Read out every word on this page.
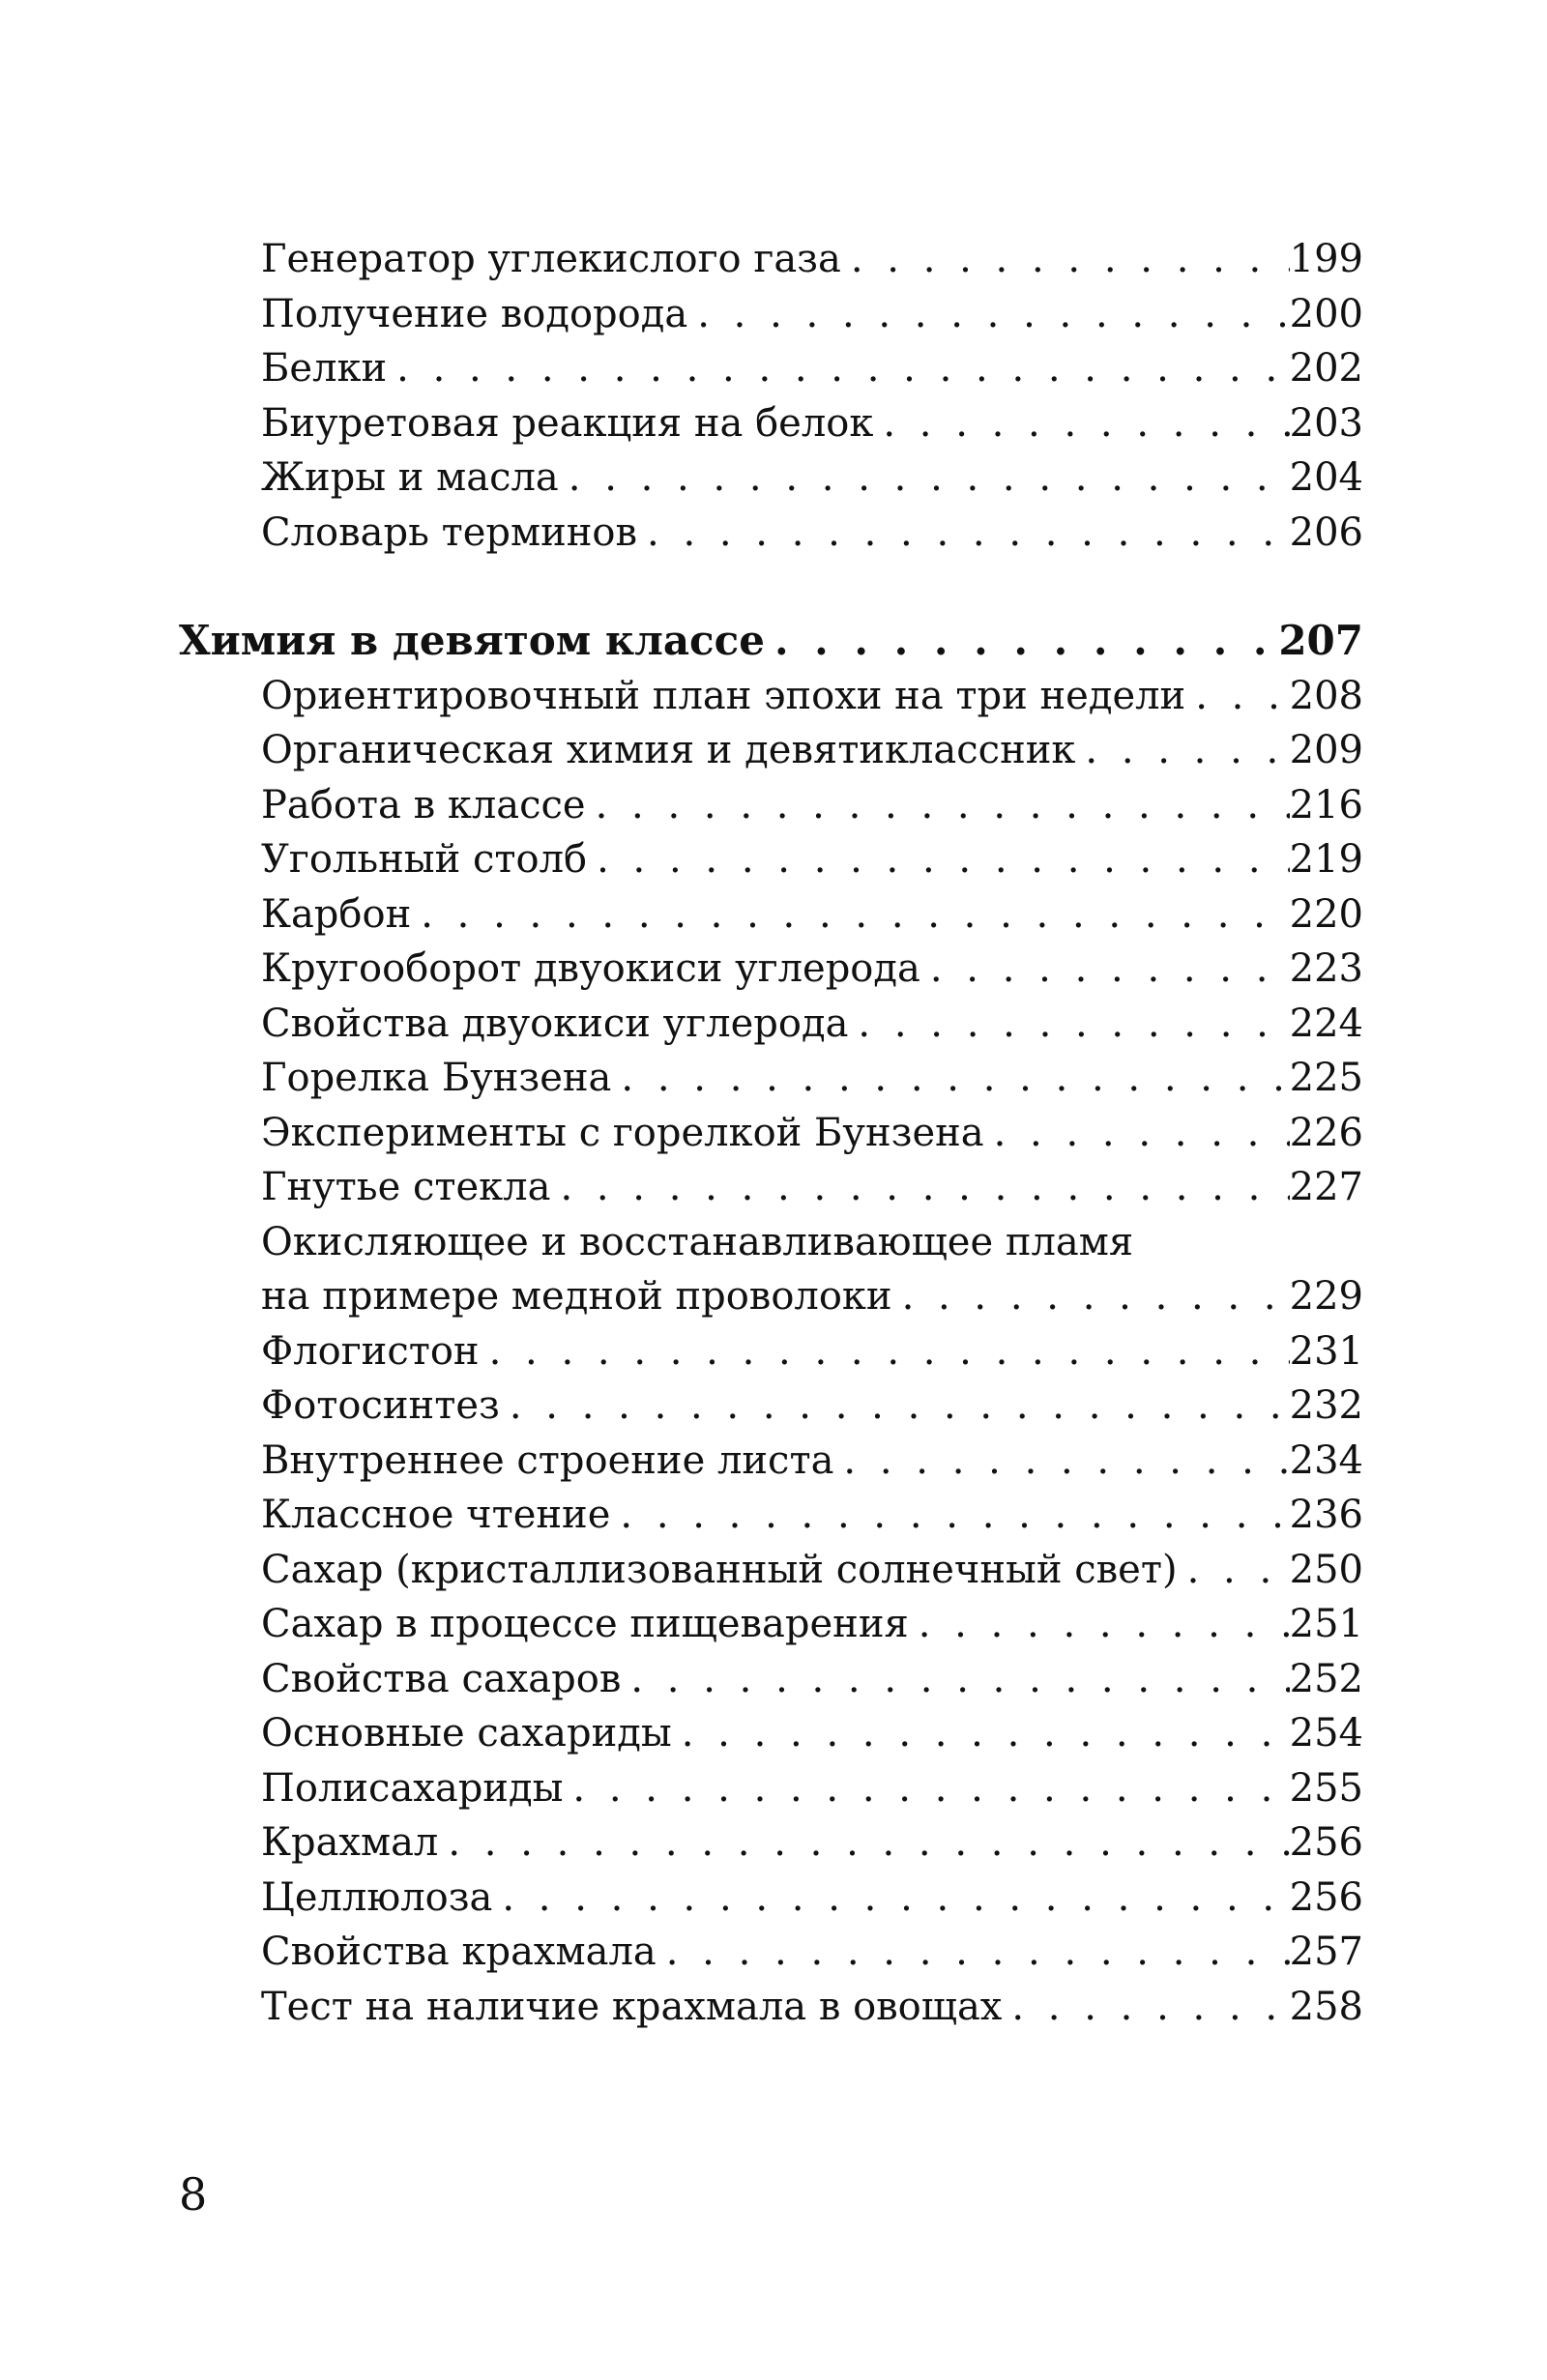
Генератор углекислого газа . . .	199
Получение водорода . . .	200
Белки . . .	202
Биуретовая реакция на белок . . .	203
Жиры и масла . . .	204
Словарь терминов . . .	206
Химия в девятом классе . . .	207
Ориентировочный план эпохи на три недели . . .	208
Органическая химия и девятиклассник . . .	209
Работа в классе . . .	216
Угольный столб . . .	219
Карбон . . .	220
Кругооборот двуокиси углерода . . .	223
Свойства двуокиси углерода . . .	224
Горелка Бунзена . . .	225
Эксперименты с горелкой Бунзена . . .	226
Гнутье стекла . . .	227
Окисляющее и восстанавливающее пламя
на примере медной проволоки . . .	229
Флогистон . . .	231
Фотосинтез . . .	232
Внутреннее строение листа . . .	234
Классное чтение . . .	236
Сахар (кристаллизованный солнечный свет) . . .	250
Сахар в процессе пищеварения . . .	251
Свойства сахаров . . .	252
Основные сахариды . . .	254
Полисахариды . . .	255
Крахмал . . .	256
Целлюлоза . . .	256
Свойства крахмала . . .	257
Тест на наличие крахмала в овощах . . .	258
8
